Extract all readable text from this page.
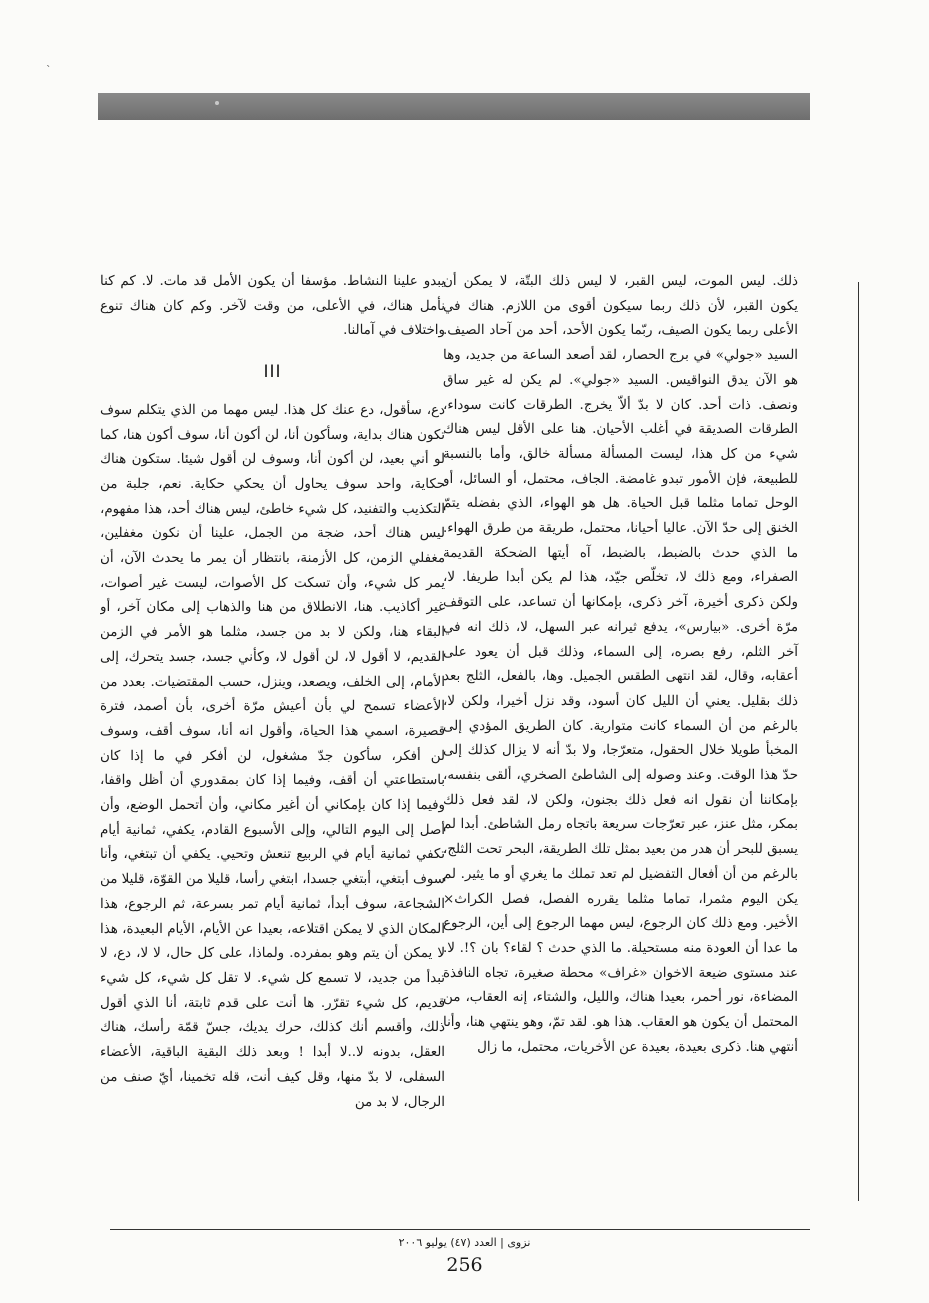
`

ذلك. ليس الموت، ليس القبر، لا ليس ذلك البتّة، لا يمكن أن يكون القبر، لأن ذلك ربما سيكون أقوى من اللازم. هناك في الأعلى ربما يكون الصيف، ربّما يكون الأحد، أحد من آحاد الصيف. السيد «جولي» في برج الحصار، لقد أصعد الساعة من جديد، وها هو الآن يدق النواقيس. السيد «جولي». لم يكن له غير ساق ونصف. ذات أحد. كان لا بدّ ألاّ يخرج. الطرقات كانت سوداء، الطرقات الصديقة في أغلب الأحيان. هنا على الأقل ليس هناك شيء من كل هذا، ليست المسألة مسألة خالق، وأما بالنسبة للطبيعة، فإن الأمور تبدو غامضة. الجاف، محتمل، أو السائل، أو الوحل تماما مثلما قبل الحياة. هل هو الهواء، الذي بفضله يتمّ الخنق إلى حدّ الآن. عاليا أحيانا، محتمل، طريقة من طرق الهواء. ما الذي حدث بالضبط، بالضبط، آه أيتها الضحكة القديمة الصفراء، ومع ذلك لا، تخلّص جيّد، هذا لم يكن أبدا طريفا. لا، ولكن ذكرى أخيرة، آخر ذكرى، بإمكانها أن تساعد، على التوقف مرّة أخرى. «بيارس»، يدفع ثيرانه عبر السهل، لا، ذلك انه في آخر الثلم، رفع بصره، إلى السماء، وذلك قبل أن يعود على أعقابه، وقال، لقد انتهى الطقس الجميل. وها، بالفعل، الثلج بعد ذلك بقليل. يعني أن الليل كان أسود، وقد نزل أخيرا، ولكن لا، بالرغم من أن السماء كانت متوارية. كان الطريق المؤدي إلى المخبأ طويلا خلال الحقول، متعرّجا، ولا بدّ أنه لا يزال كذلك إلى حدّ هذا الوقت. وعند وصوله إلى الشاطئ الصخري، ألقى بنفسه، بإمكاننا أن نقول انه فعل ذلك بجنون، ولكن لا، لقد فعل ذلك بمكر، مثل عنز، عبر تعرّجات سريعة باتجاه رمل الشاطئ. أبدا لم يسبق للبحر أن هدر من بعيد بمثل تلك الطريقة، البحر تحت الثلج، بالرغم من أن أفعال التفضيل لم تعد تملك ما يغري أو ما يثير. لم يكن اليوم مثمرا، تماما مثلما يقرره الفصل، فصل الكراث× الأخير. ومع ذلك كان الرجوع، ليس مهما الرجوع إلى أين، الرجوع ما عدا أن العودة منه مستحيلة. ما الذي حدث ؟ لقاء؟ بان ؟!. لا. عند مستوى ضيعة الاخوان «غراف» محطة صغيرة، تجاه النافذة المضاءة، نور أحمر، بعيدا هناك، والليل، والشتاء، إنه العقاب، من المحتمل أن يكون هو العقاب. هذا هو. لقد تمّ، وهو ينتهي هنا، وأنا أنتهي هنا. ذكرى بعيدة، بعيدة عن الأخريات، محتمل، ما زال

يبدو علينا النشاط. مؤسفا أن يكون الأمل قد مات. لا. كم كنا نأمل هناك، في الأعلى، من وقت لآخر. وكم كان هناك تنوع واختلاف في آمالنا.

III

دع، سأقول، دع عنك كل هذا. ليس مهما من الذي يتكلم سوف تكون هناك بداية، وسأكون أنا، لن أكون أنا، سوف أكون هنا، كما لو أني بعيد، لن أكون أنا، وسوف لن أقول شيئا. ستكون هناك حكاية، واحد سوف يحاول أن يحكي حكاية. نعم، جلبة من التكذيب والتفنيد، كل شيء خاطئ، ليس هناك أحد، هذا مفهوم، ليس هناك أحد، ضجة من الجمل، علينا أن نكون مغفلين، مغفلي الزمن، كل الأزمنة، بانتظار أن يمر ما يحدث الآن، أن يمر كل شيء، وأن تسكت كل الأصوات، ليست غير أصوات، غير أكاذيب. هنا، الانطلاق من هنا والذهاب إلى مكان آخر، أو البقاء هنا، ولكن لا بد من جسد، مثلما هو الأمر في الزمن القديم، لا أقول لا، لن أقول لا، وكأني جسد، جسد يتحرك، إلى الأمام، إلى الخلف، ويصعد، وينزل، حسب المقتضيات. بعدد من الأعضاء تسمح لي بأن أعيش مرّة أخرى، بأن أصمد، فترة قصيرة، اسمي هذا الحياة، وأقول انه أنا، سوف أقف، وسوف لن أفكر، سأكون جدّ مشغول، لن أفكر في ما إذا كان باستطاعتي أن أقف، وفيما إذا كان بمقدوري أن أظل واقفا، وفيما إذا كان بإمكاني أن أغير مكاني، وأن أتحمل الوضع، وأن أصل إلى اليوم التالي، وإلى الأسبوع القادم، يكفي، ثمانية أيام تكفي ثمانية أيام في الربيع تنعش وتحيي. يكفي أن تبتغي، وأنا سوف أبتغي، أبتغي جسدا، ابتغي رأسا، قليلا من القوّة، قليلا من الشجاعة، سوف أبدأ، ثمانية أيام تمر بسرعة، ثم الرجوع، هذا المكان الذي لا يمكن اقتلاعه، بعيدا عن الأيام، الأيام البعيدة، هذا لا يمكن أن يتم وهو بمفرده. ولماذا، على كل حال، لا لا، دع، لا تبدأ من جديد، لا تسمع كل شيء. لا تقل كل شيء، كل شيء قديم، كل شيء تقرّر. ها أنت على قدم ثابتة، أنا الذي أقول ذلك، وأقسم أنك كذلك، حرك يديك، جسّ قمّة رأسك، هناك العقل، بدونه لا..لا أبدا ! وبعد ذلك البقية الباقية، الأعضاء السفلى، لا بدّ منها، وقل كيف أنت، قله تخمينا، أيّ صنف من الرجال، لا بد من

نزوى | العدد (٤٧) يوليو ٢٠٠٦
256
